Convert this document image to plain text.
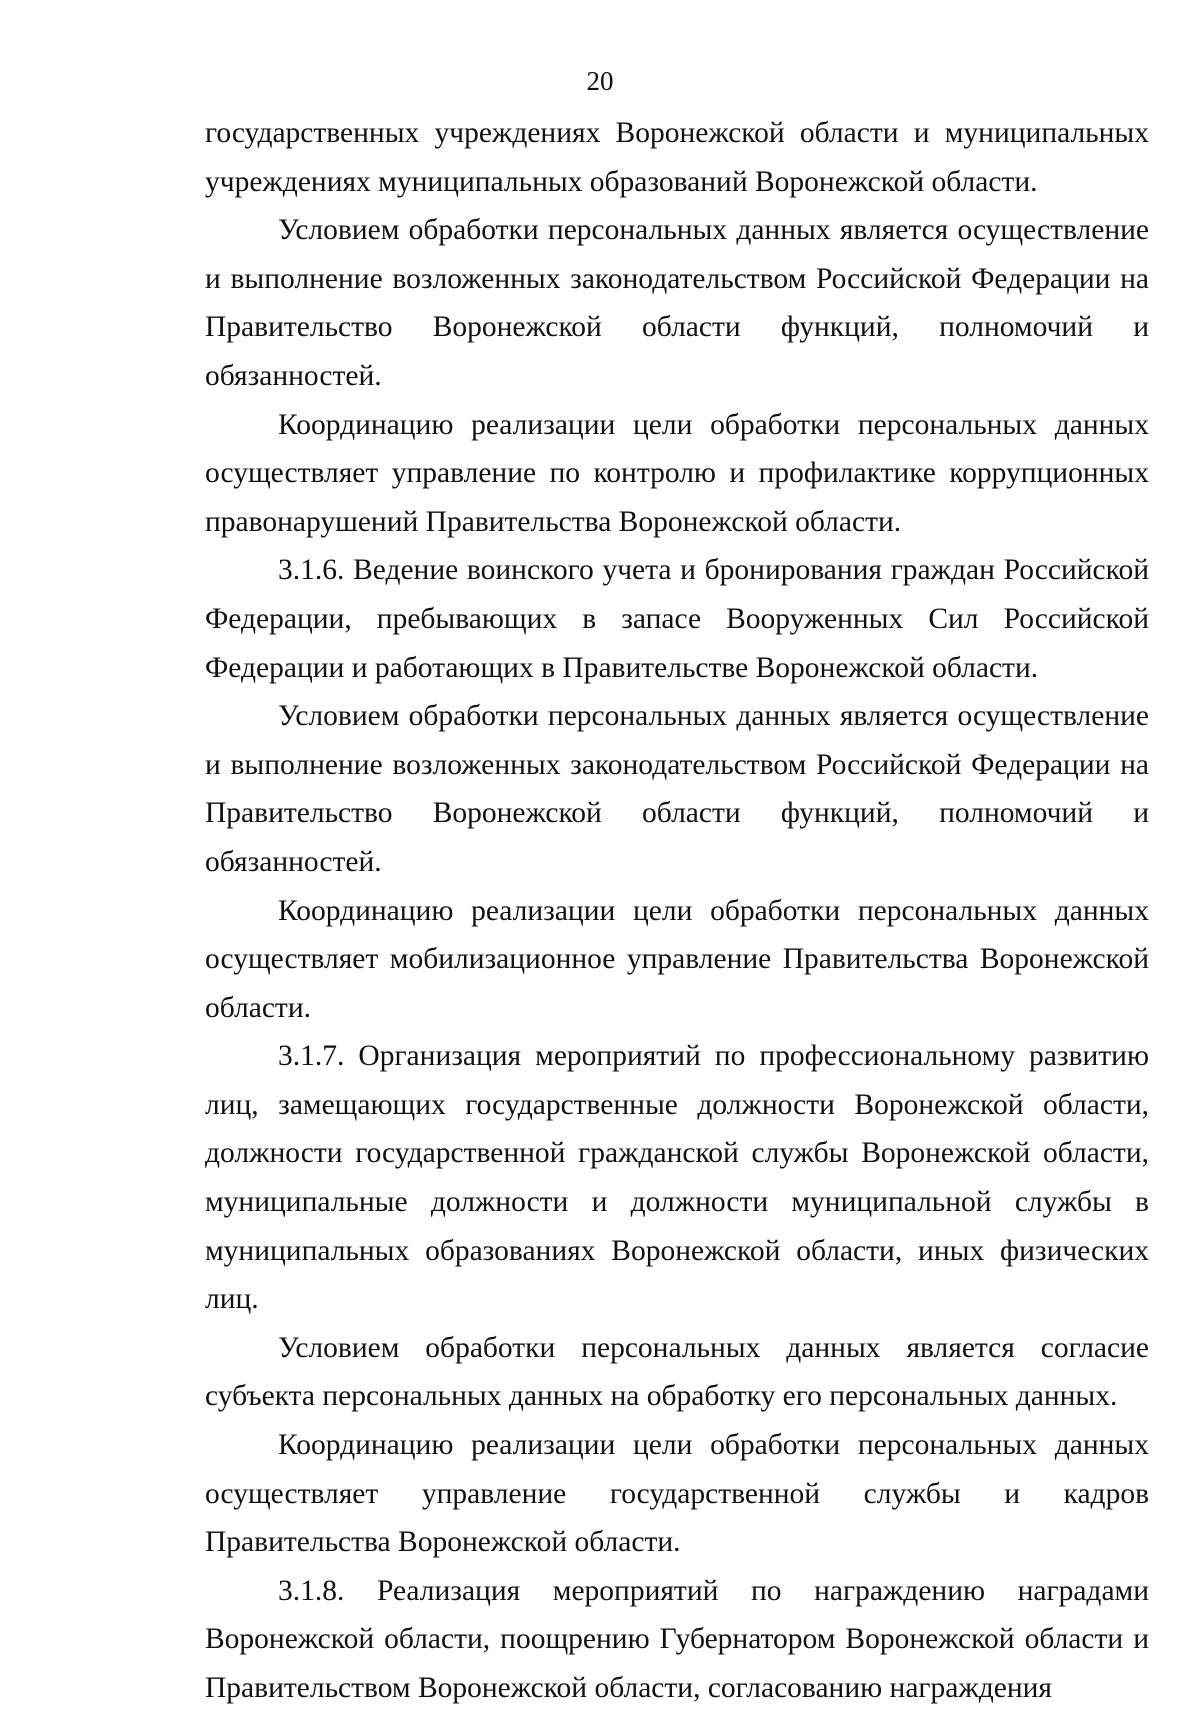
20

государственных учреждениях Воронежской области и муниципальных учреждениях муниципальных образований Воронежской области.

Условием обработки персональных данных является осуществление и выполнение возложенных законодательством Российской Федерации на Правительство Воронежской области функций, полномочий и обязанностей.

Координацию реализации цели обработки персональных данных осуществляет управление по контролю и профилактике коррупционных правонарушений Правительства Воронежской области.

3.1.6. Ведение воинского учета и бронирования граждан Российской Федерации, пребывающих в запасе Вооруженных Сил Российской Федерации и работающих в Правительстве Воронежской области.

Условием обработки персональных данных является осуществление и выполнение возложенных законодательством Российской Федерации на Правительство Воронежской области функций, полномочий и обязанностей.

Координацию реализации цели обработки персональных данных осуществляет мобилизационное управление Правительства Воронежской области.

3.1.7. Организация мероприятий по профессиональному развитию лиц, замещающих государственные должности Воронежской области, должности государственной гражданской службы Воронежской области, муниципальные должности и должности муниципальной службы в муниципальных образованиях Воронежской области, иных физических лиц.

Условием обработки персональных данных является согласие субъекта персональных данных на обработку его персональных данных.

Координацию реализации цели обработки персональных данных осуществляет управление государственной службы и кадров Правительства Воронежской области.

3.1.8. Реализация мероприятий по награждению наградами Воронежской области, поощрению Губернатором Воронежской области и Правительством Воронежской области, согласованию награждения
